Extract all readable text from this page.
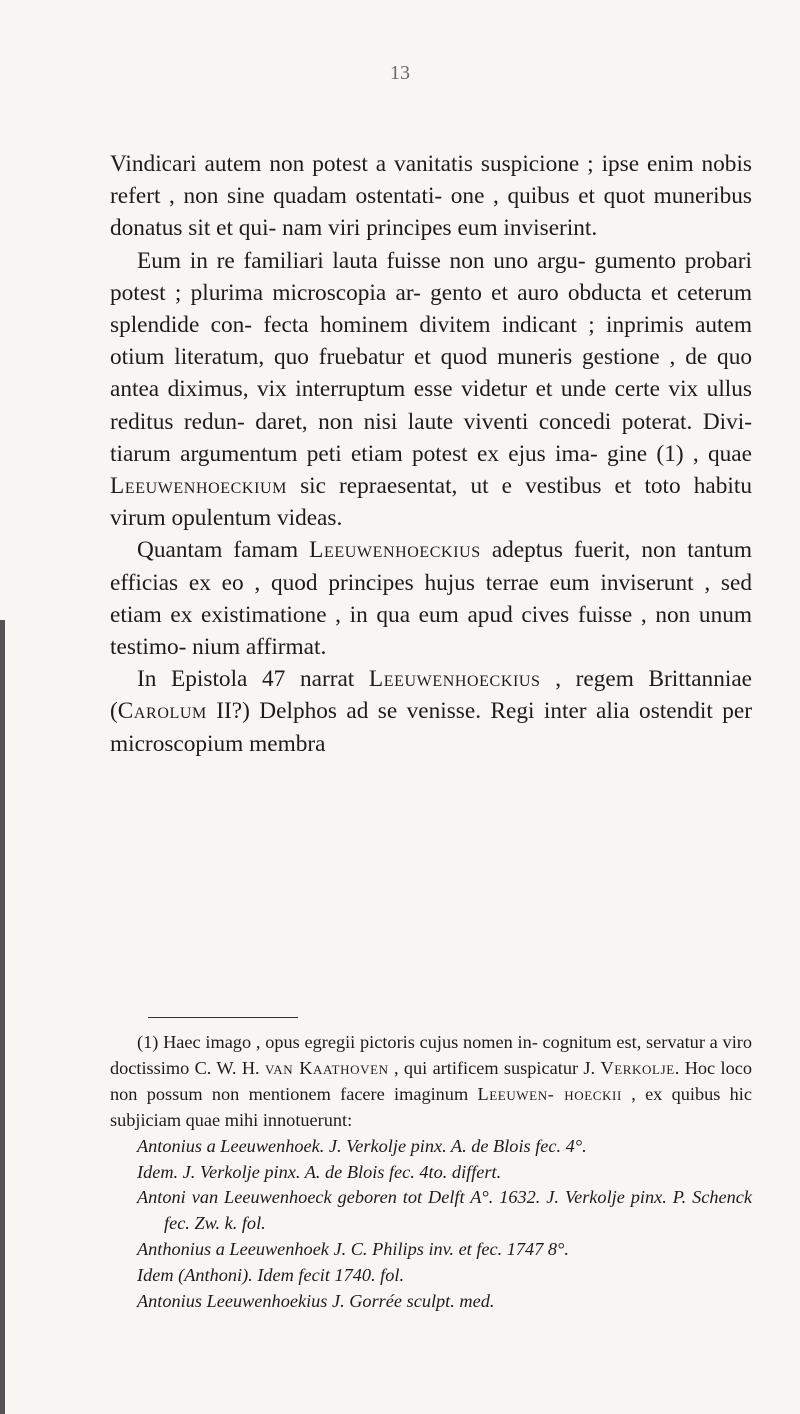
13

Vindicari autem non potest a vanitatis suspicione ; ipse enim nobis refert , non sine quadam ostentati- one , quibus et quot muneribus donatus sit et qui- nam viri principes eum inviserint.

Eum in re familiari lauta fuisse non uno argu- gumento probari potest ; plurima microscopia ar- gento et auro obducta et ceterum splendide con- fecta hominem divitem indicant ; inprimis autem otium literatum, quo fruebatur et quod muneris gestione , de quo antea diximus, vix interruptum esse videtur et unde certe vix ullus reditus redun- daret, non nisi laute viventi concedi poterat. Divi- tiarum argumentum peti etiam potest ex ejus ima- gine (1) , quae Leeuwenhoeckium sic repraesentat, ut e vestibus et toto habitu virum opulentum videas.

Quantam famam Leeuwenhoeckius adeptus fuerit, non tantum efficias ex eo , quod principes hujus terrae eum inviserunt , sed etiam ex existimatione , in qua eum apud cives fuisse , non unum testimo- nium affirmat.

In Epistola 47 narrat Leeuwenhoeckius , regem Brittanniae (Carolum II?) Delphos ad se venisse. Regi inter alia ostendit per microscopium membra

(1) Haec imago , opus egregii pictoris cujus nomen in- cognitum est, servatur a viro doctissimo C. W. H. van Kaathoven , qui artificem suspicatur J. Verkolje. Hoc loco non possum non mentionem facere imaginum Leeuwen- hoeckii , ex quibus hic subjiciam quae mihi innotuerunt:

Antonius a Leeuwenhoek. J. Verkolje pinx. A. de Blois fec. 4°.

Idem. J. Verkolje pinx. A. de Blois fec. 4to. differt.

Antoni van Leeuwenhoeck geboren tot Delft A°. 1632. J. Verkolje pinx. P. Schenck fec. Zw. k. fol.

Anthonius a Leeuwenhoek J. C. Philips inv. et fec. 1747 8°.

Idem (Anthoni). Idem fecit 1740. fol.

Antonius Leeuwenhoekius J. Gorrée sculpt. med.
